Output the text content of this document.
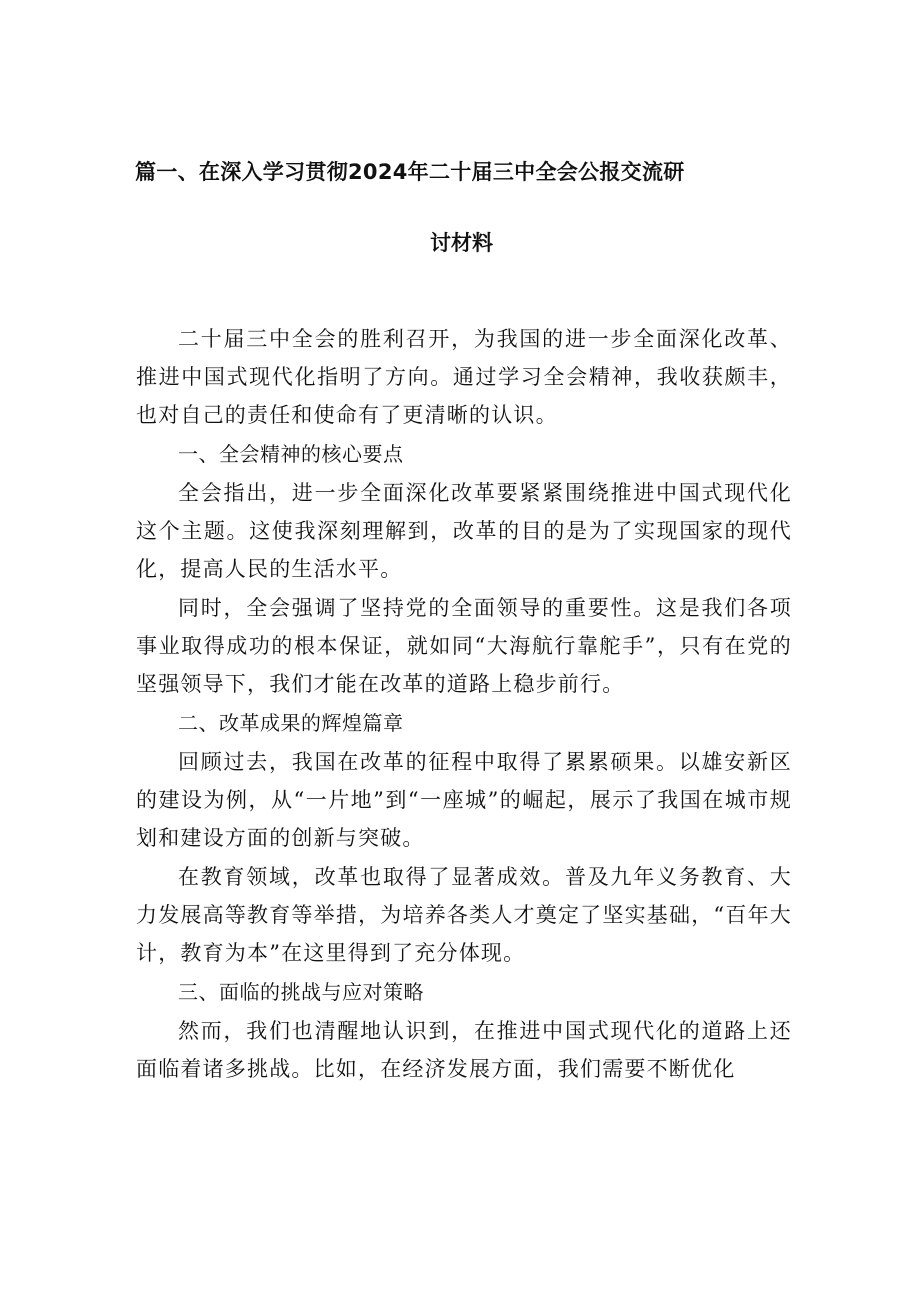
篇一、在深入学习贯彻2024年二十届三中全会公报交流研
讨材料

二十届三中全会的胜利召开，为我国的进一步全面深化改革、推进中国式现代化指明了方向。通过学习全会精神，我收获颇丰，也对自己的责任和使命有了更清晰的认识。

一、全会精神的核心要点

全会指出，进一步全面深化改革要紧紧围绕推进中国式现代化这个主题。这使我深刻理解到，改革的目的是为了实现国家的现代化，提高人民的生活水平。

同时，全会强调了坚持党的全面领导的重要性。这是我们各项事业取得成功的根本保证，就如同“大海航行靠舵手”，只有在党的坚强领导下，我们才能在改革的道路上稳步前行。

二、改革成果的辉煌篇章

回顾过去，我国在改革的征程中取得了累累硕果。以雄安新区的建设为例，从“一片地”到“一座城”的崛起，展示了我国在城市规划和建设方面的创新与突破。

在教育领域，改革也取得了显著成效。普及九年义务教育、大力发展高等教育等举措，为培养各类人才奠定了坚实基础，“百年大计，教育为本”在这里得到了充分体现。

三、面临的挑战与应对策略

然而，我们也清醒地认识到，在推进中国式现代化的道路上还面临着诸多挑战。比如，在经济发展方面，我们需要不断优化
